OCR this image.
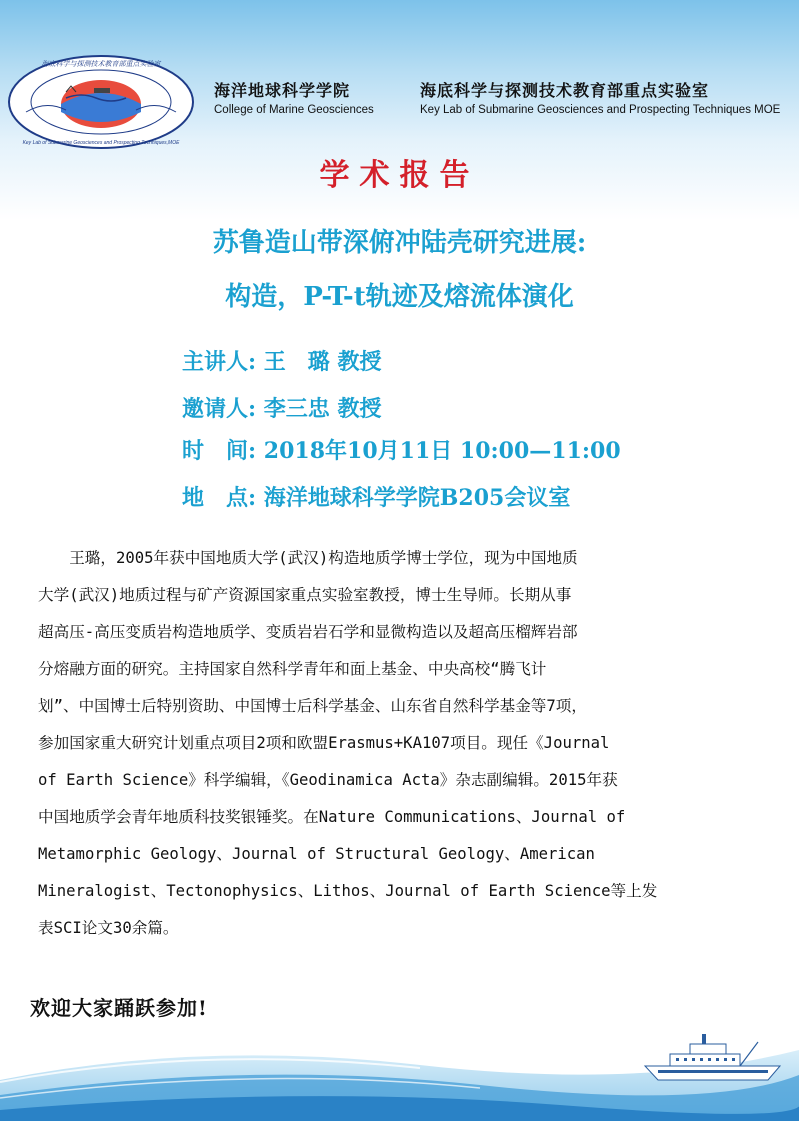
海底科学与探测技术教育部重点实验室
Key Lab of Submarine Geosciences and Prospecting Techniques,MOE
海洋地球科学学院
College of Marine Geosciences
海底科学与探测技术教育部重点实验室
Key Lab of Submarine Geosciences and Prospecting Techniques MOE
学术报告
苏鲁造山带深俯冲陆壳研究进展:
构造，P-T-t轨迹及熔流体演化
主讲人: 王　璐 教授
邀请人: 李三忠 教授
时　间: 2018年10月11日 10:00—11:00
地　点: 海洋地球科学学院B205会议室
　　王璐，2005年获中国地质大学(武汉)构造地质学博士学位，现为中国地质
大学(武汉)地质过程与矿产资源国家重点实验室教授，博士生导师。长期从事
超高压-高压变质岩构造地质学、变质岩岩石学和显微构造以及超高压榴辉岩部
分熔融方面的研究。主持国家自然科学青年和面上基金、中央高校“腾飞计
划”、中国博士后特别资助、中国博士后科学基金、山东省自然科学基金等7项，
参加国家重大研究计划重点项目2项和欧盟Erasmus+KA107项目。现任《Journal
of Earth Science》科学编辑，《Geodinamica Acta》杂志副编辑。2015年获
中国地质学会青年地质科技奖银锤奖。在Nature Communications、Journal of
Metamorphic Geology、Journal of Structural Geology、American
Mineralogist、Tectonophysics、Lithos、Journal of Earth Science等上发
表SCI论文30余篇。
欢迎大家踊跃参加!
